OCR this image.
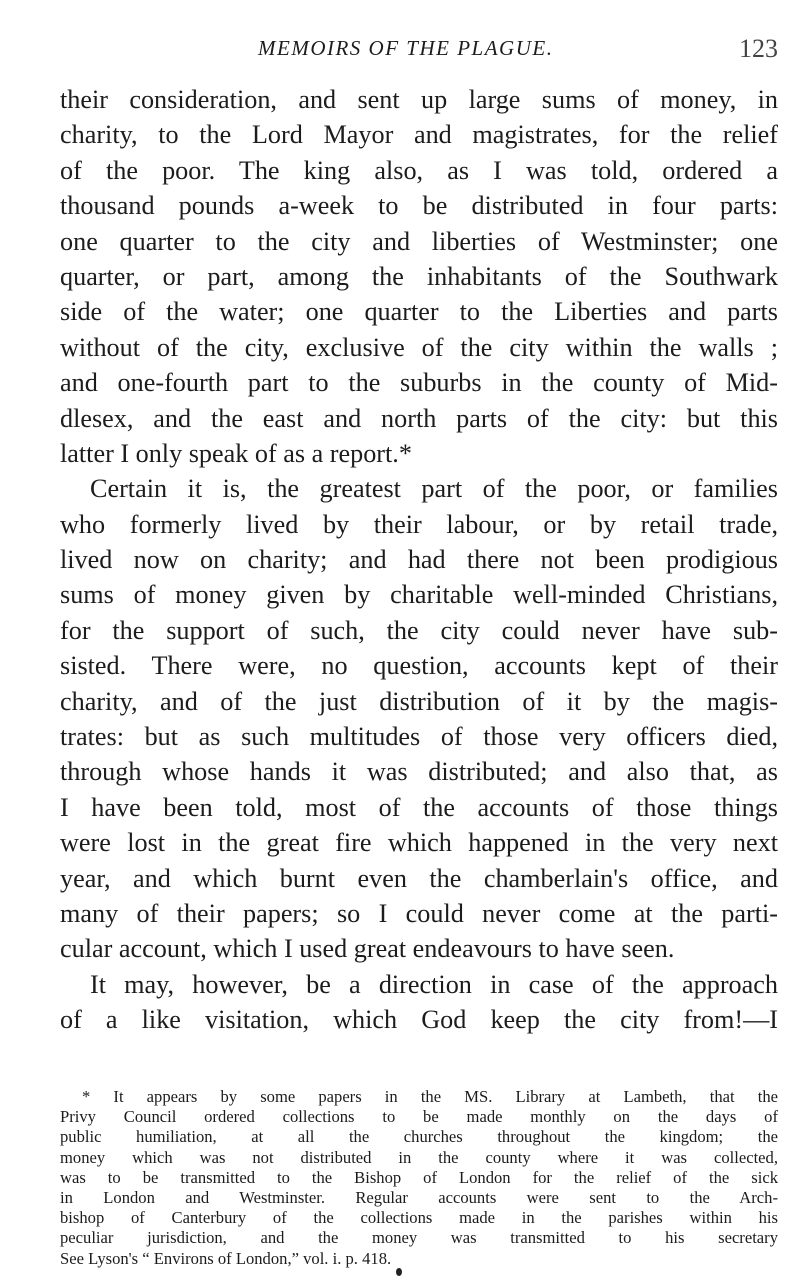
MEMOIRS OF THE PLAGUE.	123
their consideration, and sent up large sums of money, in
charity, to the Lord Mayor and magistrates, for the relief
of the poor. The king also, as I was told, ordered a
thousand pounds a-week to be distributed in four parts:
one quarter to the city and liberties of Westminster; one
quarter, or part, among the inhabitants of the Southwark
side of the water; one quarter to the Liberties and parts
without of the city, exclusive of the city within the walls ;
and one-fourth part to the suburbs in the county of Mid-
dlesex, and the east and north parts of the city: but this
latter I only speak of as a report.*
Certain it is, the greatest part of the poor, or families
who formerly lived by their labour, or by retail trade,
lived now on charity; and had there not been prodigious
sums of money given by charitable well-minded Christians,
for the support of such, the city could never have sub-
sisted. There were, no question, accounts kept of their
charity, and of the just distribution of it by the magis-
trates: but as such multitudes of those very officers died,
through whose hands it was distributed; and also that, as
I have been told, most of the accounts of those things
were lost in the great fire which happened in the very next
year, and which burnt even the chamberlain's office, and
many of their papers; so I could never come at the parti-
cular account, which I used great endeavours to have seen.
It may, however, be a direction in case of the approach
of a like visitation, which God keep the city from!—I
* It appears by some papers in the MS. Library at Lambeth, that the
Privy Council ordered collections to be made monthly on the days of
public humiliation, at all the churches throughout the kingdom; the
money which was not distributed in the county where it was collected,
was to be transmitted to the Bishop of London for the relief of the sick
in London and Westminster. Regular accounts were sent to the Arch-
bishop of Canterbury of the collections made in the parishes within his
peculiar jurisdiction, and the money was transmitted to his secretary
See Lyson's “ Environs of London,” vol. i. p. 418.
